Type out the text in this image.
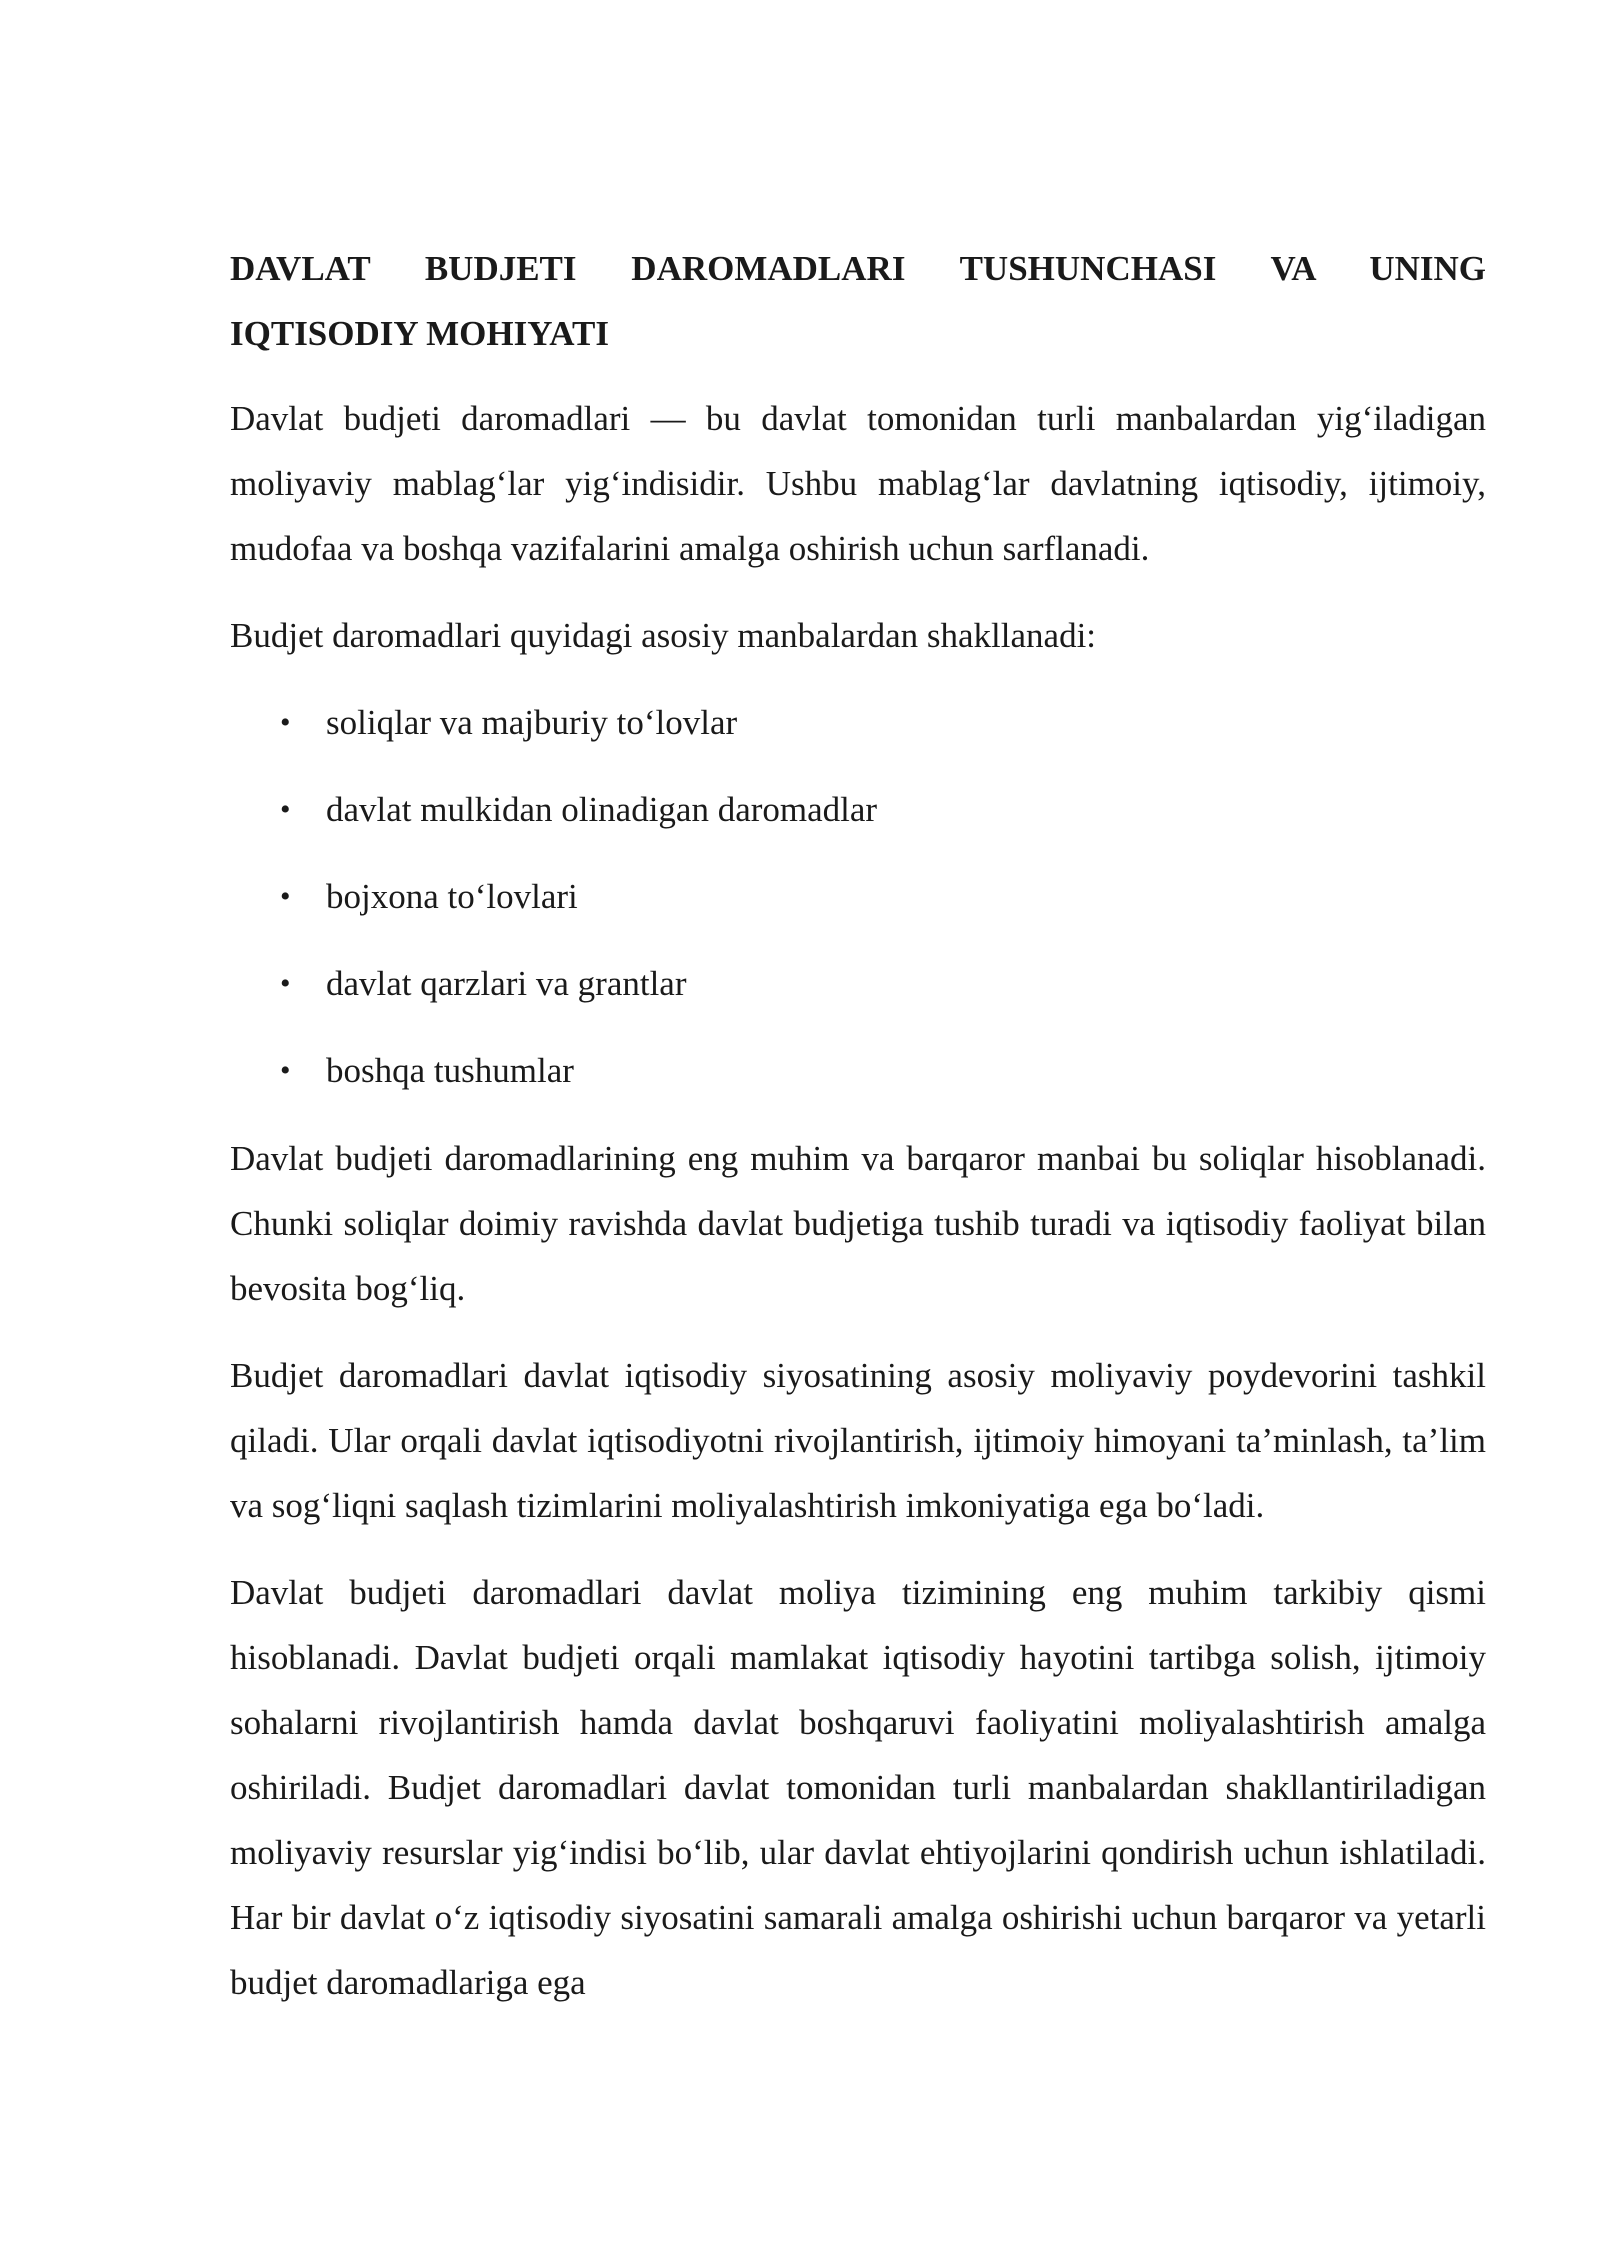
DAVLAT BUDJETI DAROMADLARI TUSHUNCHASI VA UNING
IQTISODIY MOHIYATI

Davlat budjeti daromadlari — bu davlat tomonidan turli manbalardan yig‘iladigan moliyaviy mablag‘lar yig‘indisidir. Ushbu mablag‘lar davlatning iqtisodiy, ijtimoiy, mudofaa va boshqa vazifalarini amalga oshirish uchun sarflanadi.

Budjet daromadlari quyidagi asosiy manbalardan shakllanadi:

• soliqlar va majburiy to‘lovlar
• davlat mulkidan olinadigan daromadlar
• bojxona to‘lovlari
• davlat qarzlari va grantlar
• boshqa tushumlar

Davlat budjeti daromadlarining eng muhim va barqaror manbai bu soliqlar hisoblanadi. Chunki soliqlar doimiy ravishda davlat budjetiga tushib turadi va iqtisodiy faoliyat bilan bevosita bog‘liq.

Budjet daromadlari davlat iqtisodiy siyosatining asosiy moliyaviy poydevorini tashkil qiladi. Ular orqali davlat iqtisodiyotni rivojlantirish, ijtimoiy himoyani ta’minlash, ta’lim va sog‘liqni saqlash tizimlarini moliyalashtirish imkoniyatiga ega bo‘ladi.

Davlat budjeti daromadlari davlat moliya tizimining eng muhim tarkibiy qismi hisoblanadi. Davlat budjeti orqali mamlakat iqtisodiy hayotini tartibga solish, ijtimoiy sohalarni rivojlantirish hamda davlat boshqaruvi faoliyatini moliyalashtirish amalga oshiriladi. Budjet daromadlari davlat tomonidan turli manbalardan shakllantiriladigan moliyaviy resurslar yig‘indisi bo‘lib, ular davlat ehtiyojlarini qondirish uchun ishlatiladi. Har bir davlat o‘z iqtisodiy siyosatini samarali amalga oshirishi uchun barqaror va yetarli budjet daromadlariga ega
